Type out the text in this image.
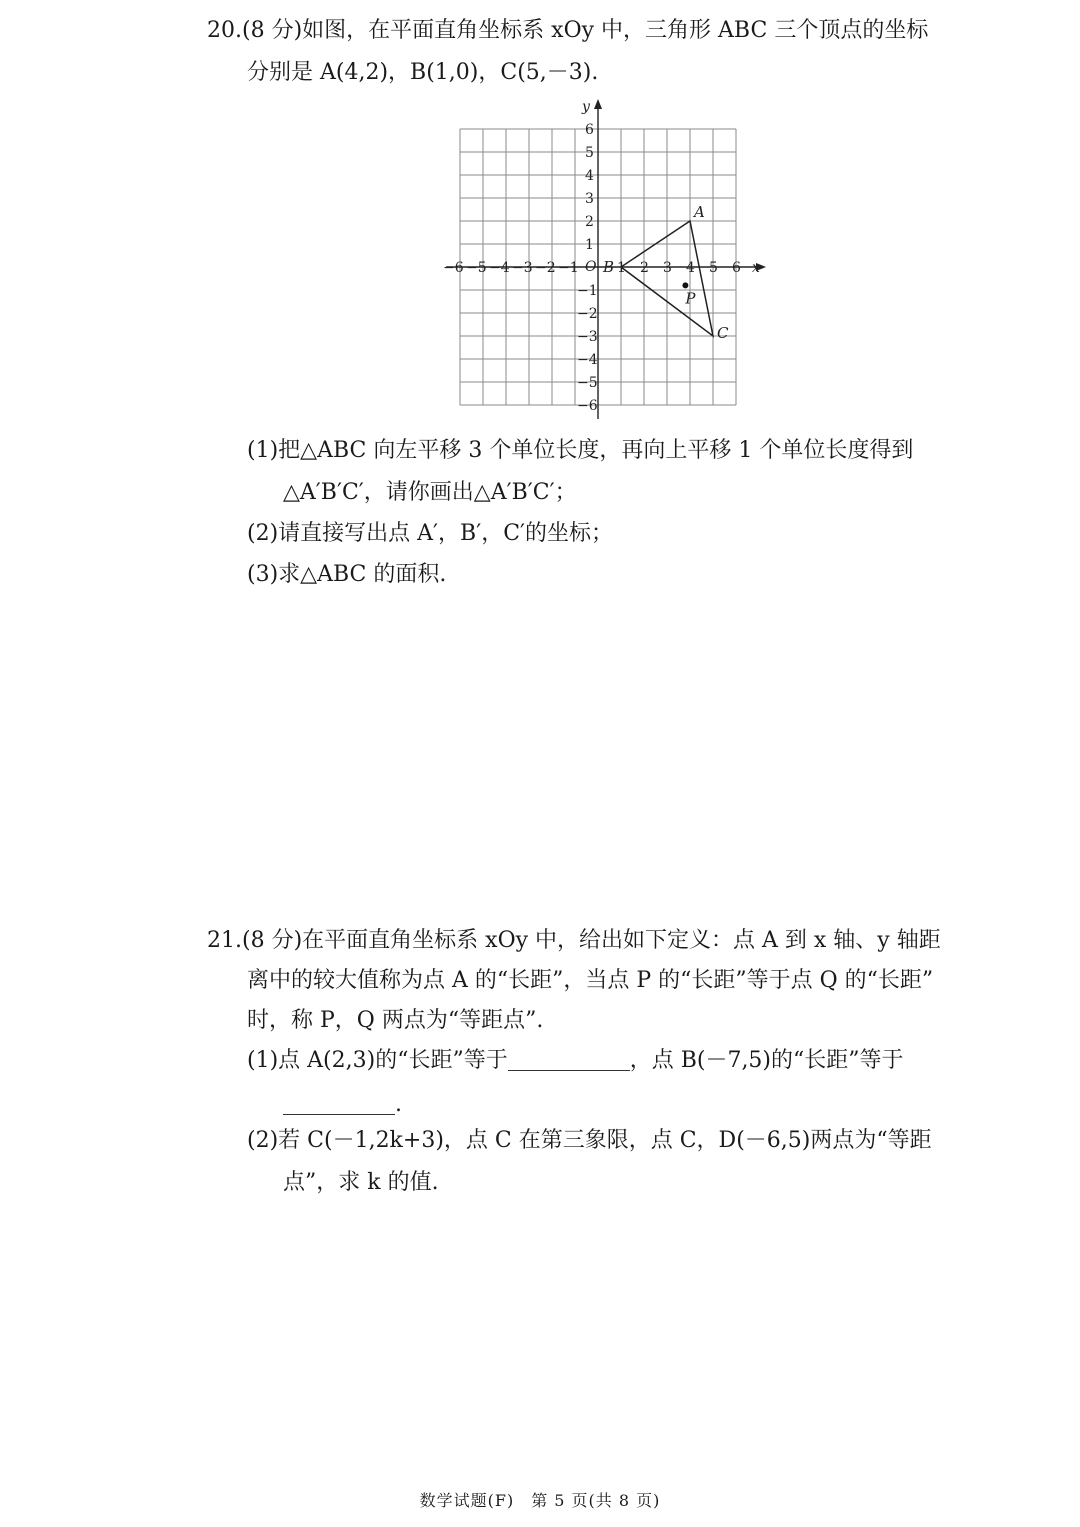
20.(8 分)如图，在平面直角坐标系 xOy 中，三角形 ABC 三个顶点的坐标

分别是 A(4,2)，B(1,0)，C(5,－3).

x
y
O
−6 −5 −4 −3 −2 −1	1 2 3 4 5 6
6
5
4
3
2
1
−1
−2
−3
−4
−5
−6
A
B
C
P

(1)把△ABC 向左平移 3 个单位长度，再向上平移 1 个单位长度得到

△A′B′C′，请你画出△A′B′C′；

(2)请直接写出点 A′，B′，C′的坐标；

(3)求△ABC 的面积.

21.(8 分)在平面直角坐标系 xOy 中，给出如下定义：点 A 到 x 轴、y 轴距

离中的较大值称为点 A 的“长距”，当点 P 的“长距”等于点 Q 的“长距”

时，称 P，Q 两点为“等距点”.

(1)点 A(2,3)的“长距”等于	，点 B(－7,5)的“长距”等于

.

(2)若 C(－1,2k+3)，点 C 在第三象限，点 C，D(－6,5)两点为“等距

点”，求 k 的值.

数学试题(F)　第 5 页(共 8 页)
